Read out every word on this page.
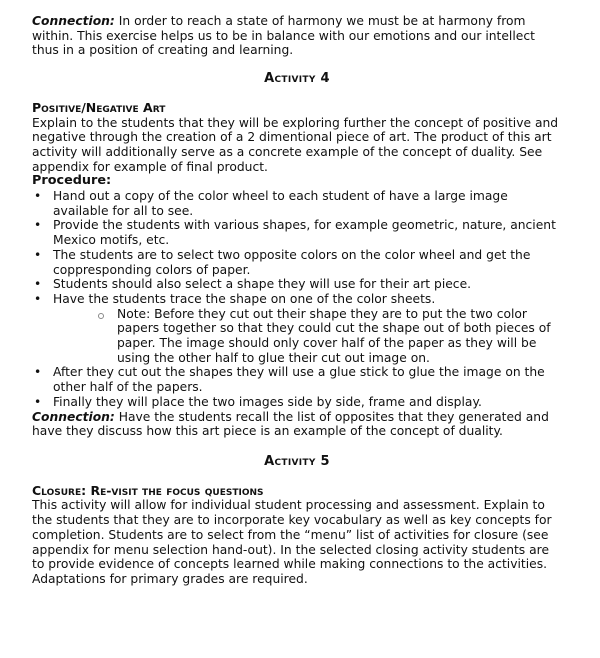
Connection: In order to reach a state of harmony we must be at harmony from within. This exercise helps us to be in balance with our emotions and our intellect thus in a position of creating and learning.

Activity 4
Positive/Negative Art

Explain to the students that they will be exploring further the concept of positive and negative through the creation of a 2 dimentional piece of art. The product of this art activity will additionally serve as a concrete example of the concept of duality. See appendix for example of final product.

Procedure:
• Hand out a copy of the color wheel to each student of have a large image available for all to see.
• Provide the students with various shapes, for example geometric, nature, ancient Mexico motifs, etc.
• The students are to select two opposite colors on the color wheel and get the coppresponding colors of paper.
• Students should also select a shape they will use for their art piece.
• Have the students trace the shape on one of the color sheets.
Note: Before they cut out their shape they are to put the two color papers together so that they could cut the shape out of both pieces of paper. The image should only cover half of the paper as they will be using the other half to glue their cut out image on.
• After they cut out the shapes they will use a glue stick to glue the image on the other half of the papers.
• Finally they will place the two images side by side, frame and display.

Connection: Have the students recall the list of opposites that they generated and have they discuss how this art piece is an example of the concept of duality.

Activity 5
Closure: Re-visit the focus questions

This activity will allow for individual student processing and assessment. Explain to the students that they are to incorporate key vocabulary as well as key concepts for completion. Students are to select from the “menu” list of activities for closure (see appendix for menu selection hand-out). In the selected closing activity students are to provide evidence of concepts learned while making connections to the activities. Adaptations for primary grades are required.
